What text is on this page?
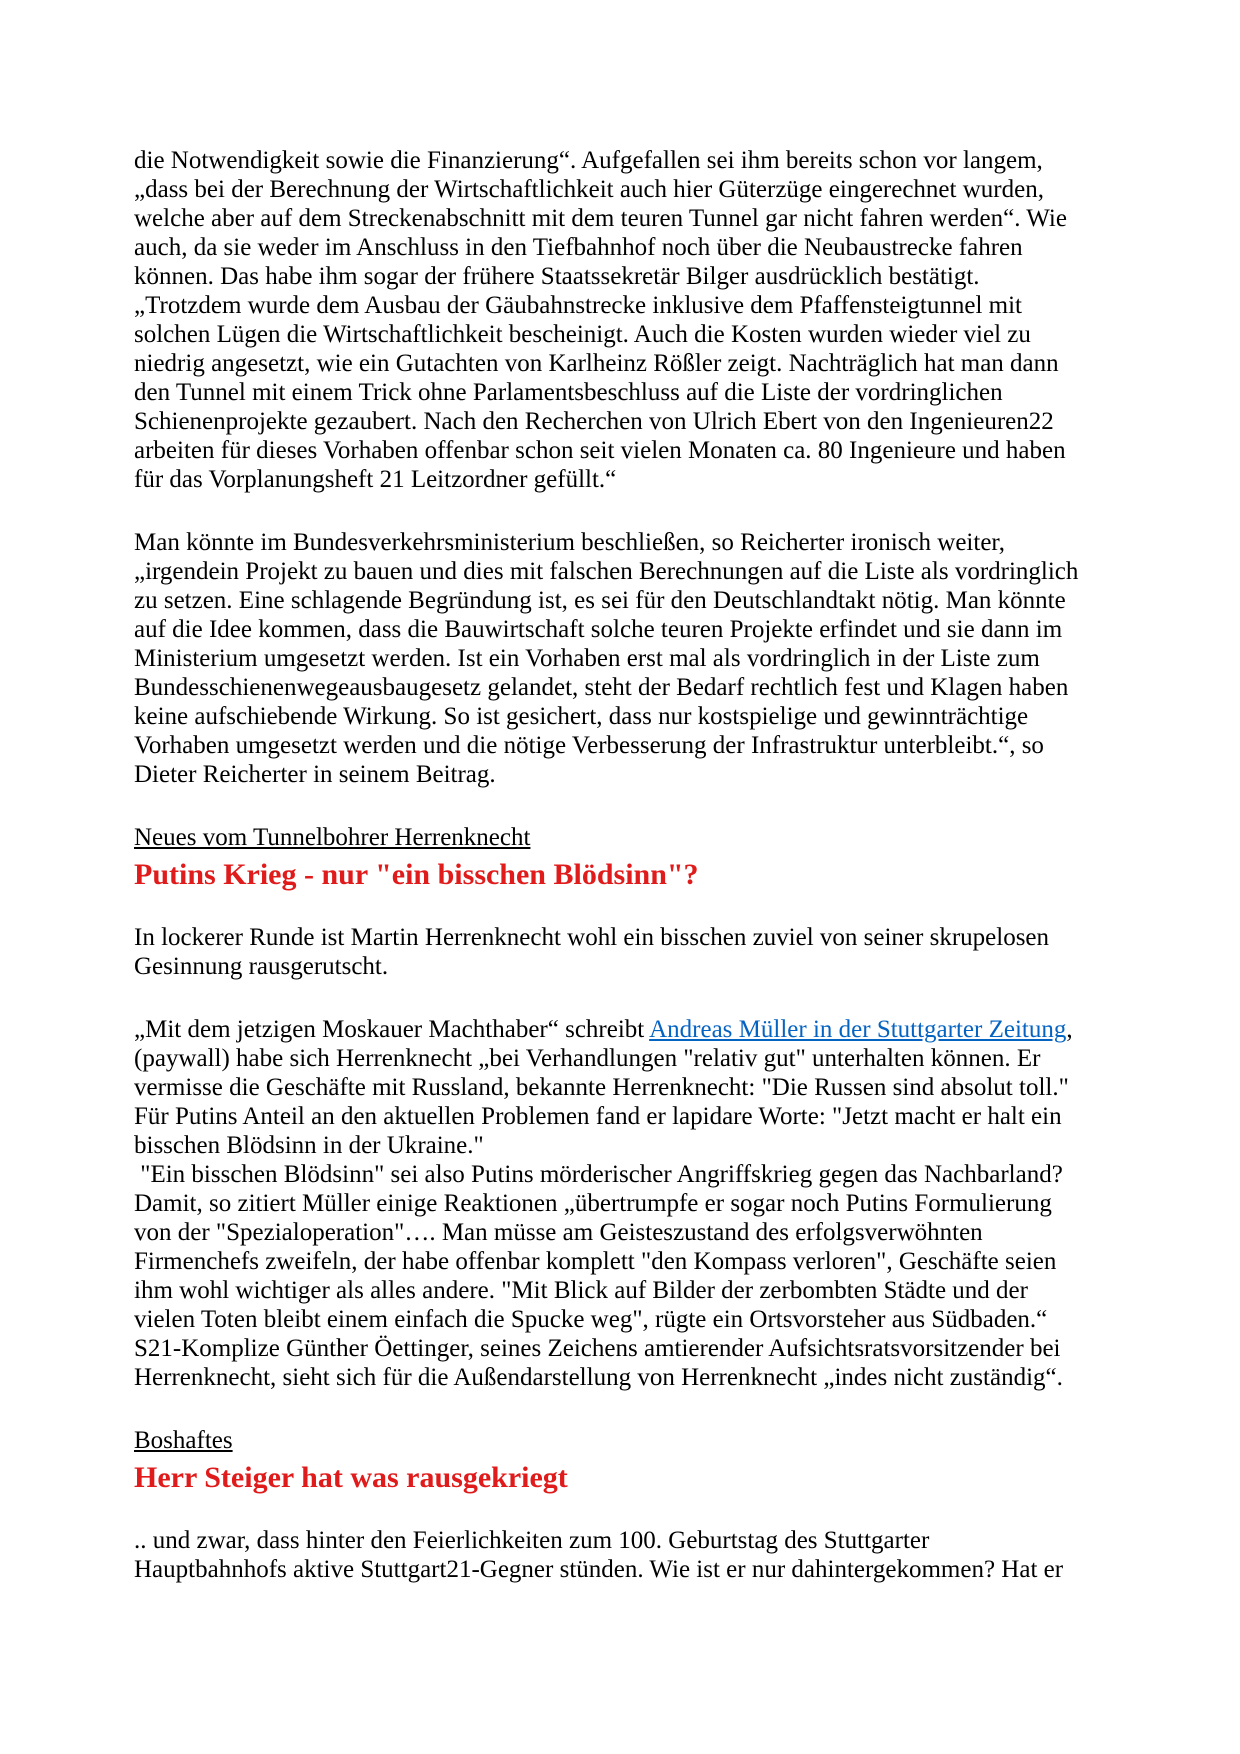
die Notwendigkeit sowie die Finanzierung“. Aufgefallen sei ihm bereits schon vor langem,
„dass bei der Berechnung der Wirtschaftlichkeit auch hier Güterzüge eingerechnet wurden,
welche aber auf dem Streckenabschnitt mit dem teuren Tunnel gar nicht fahren werden“. Wie
auch, da sie weder im Anschluss in den Tiefbahnhof noch über die Neubaustrecke fahren
können. Das habe ihm sogar der frühere Staatssekretär Bilger ausdrücklich bestätigt.
„Trotzdem wurde dem Ausbau der Gäubahnstrecke inklusive dem Pfaffensteigtunnel mit
solchen Lügen die Wirtschaftlichkeit bescheinigt. Auch die Kosten wurden wieder viel zu
niedrig angesetzt, wie ein Gutachten von Karlheinz Rößler zeigt. Nachträglich hat man dann
den Tunnel mit einem Trick ohne Parlamentsbeschluss auf die Liste der vordringlichen
Schienenprojekte gezaubert. Nach den Recherchen von Ulrich Ebert von den Ingenieuren22
arbeiten für dieses Vorhaben offenbar schon seit vielen Monaten ca. 80 Ingenieure und haben
für das Vorplanungsheft 21 Leitzordner gefüllt.“

Man könnte im Bundesverkehrsministerium beschließen, so Reicherter ironisch weiter,
„irgendein Projekt zu bauen und dies mit falschen Berechnungen auf die Liste als vordringlich
zu setzen. Eine schlagende Begründung ist, es sei für den Deutschlandtakt nötig. Man könnte
auf die Idee kommen, dass die Bauwirtschaft solche teuren Projekte erfindet und sie dann im
Ministerium umgesetzt werden. Ist ein Vorhaben erst mal als vordringlich in der Liste zum
Bundesschienenwegeausbaugesetz gelandet, steht der Bedarf rechtlich fest und Klagen haben
keine aufschiebende Wirkung. So ist gesichert, dass nur kostspielige und gewinnträchtige
Vorhaben umgesetzt werden und die nötige Verbesserung der Infrastruktur unterbleibt.“, so
Dieter Reicherter in seinem Beitrag.

Neues vom Tunnelbohrer Herrenknecht
Putins Krieg - nur "ein bisschen Blödsinn"?

In lockerer Runde ist Martin Herrenknecht wohl ein bisschen zuviel von seiner skrupelosen
Gesinnung rausgerutscht.

„Mit dem jetzigen Moskauer Machthaber“ schreibt Andreas Müller in der Stuttgarter Zeitung,
(paywall) habe sich Herrenknecht „bei Verhandlungen "relativ gut" unterhalten können. Er
vermisse die Geschäfte mit Russland, bekannte Herrenknecht: "Die Russen sind absolut toll."
Für Putins Anteil an den aktuellen Problemen fand er lapidare Worte: "Jetzt macht er halt ein
bisschen Blödsinn in der Ukraine."
"Ein bisschen Blödsinn" sei also Putins mörderischer Angriffskrieg gegen das Nachbarland?
Damit, so zitiert Müller einige Reaktionen „übertrumpfe er sogar noch Putins Formulierung
von der "Spezialoperation"…. Man müsse am Geisteszustand des erfolgsverwöhnten
Firmenchefs zweifeln, der habe offenbar komplett "den Kompass verloren", Geschäfte seien
ihm wohl wichtiger als alles andere. "Mit Blick auf Bilder der zerbombten Städte und der
vielen Toten bleibt einem einfach die Spucke weg", rügte ein Ortsvorsteher aus Südbaden.“
S21-Komplize Günther Öettinger, seines Zeichens amtierender Aufsichtsratsvorsitzender bei
Herrenknecht, sieht sich für die Außendarstellung von Herrenknecht „indes nicht zuständig“.

Boshaftes
Herr Steiger hat was rausgekriegt

.. und zwar, dass hinter den Feierlichkeiten zum 100. Geburtstag des Stuttgarter
Hauptbahnhofs aktive Stuttgart21-Gegner stünden. Wie ist er nur dahintergekommen? Hat er
